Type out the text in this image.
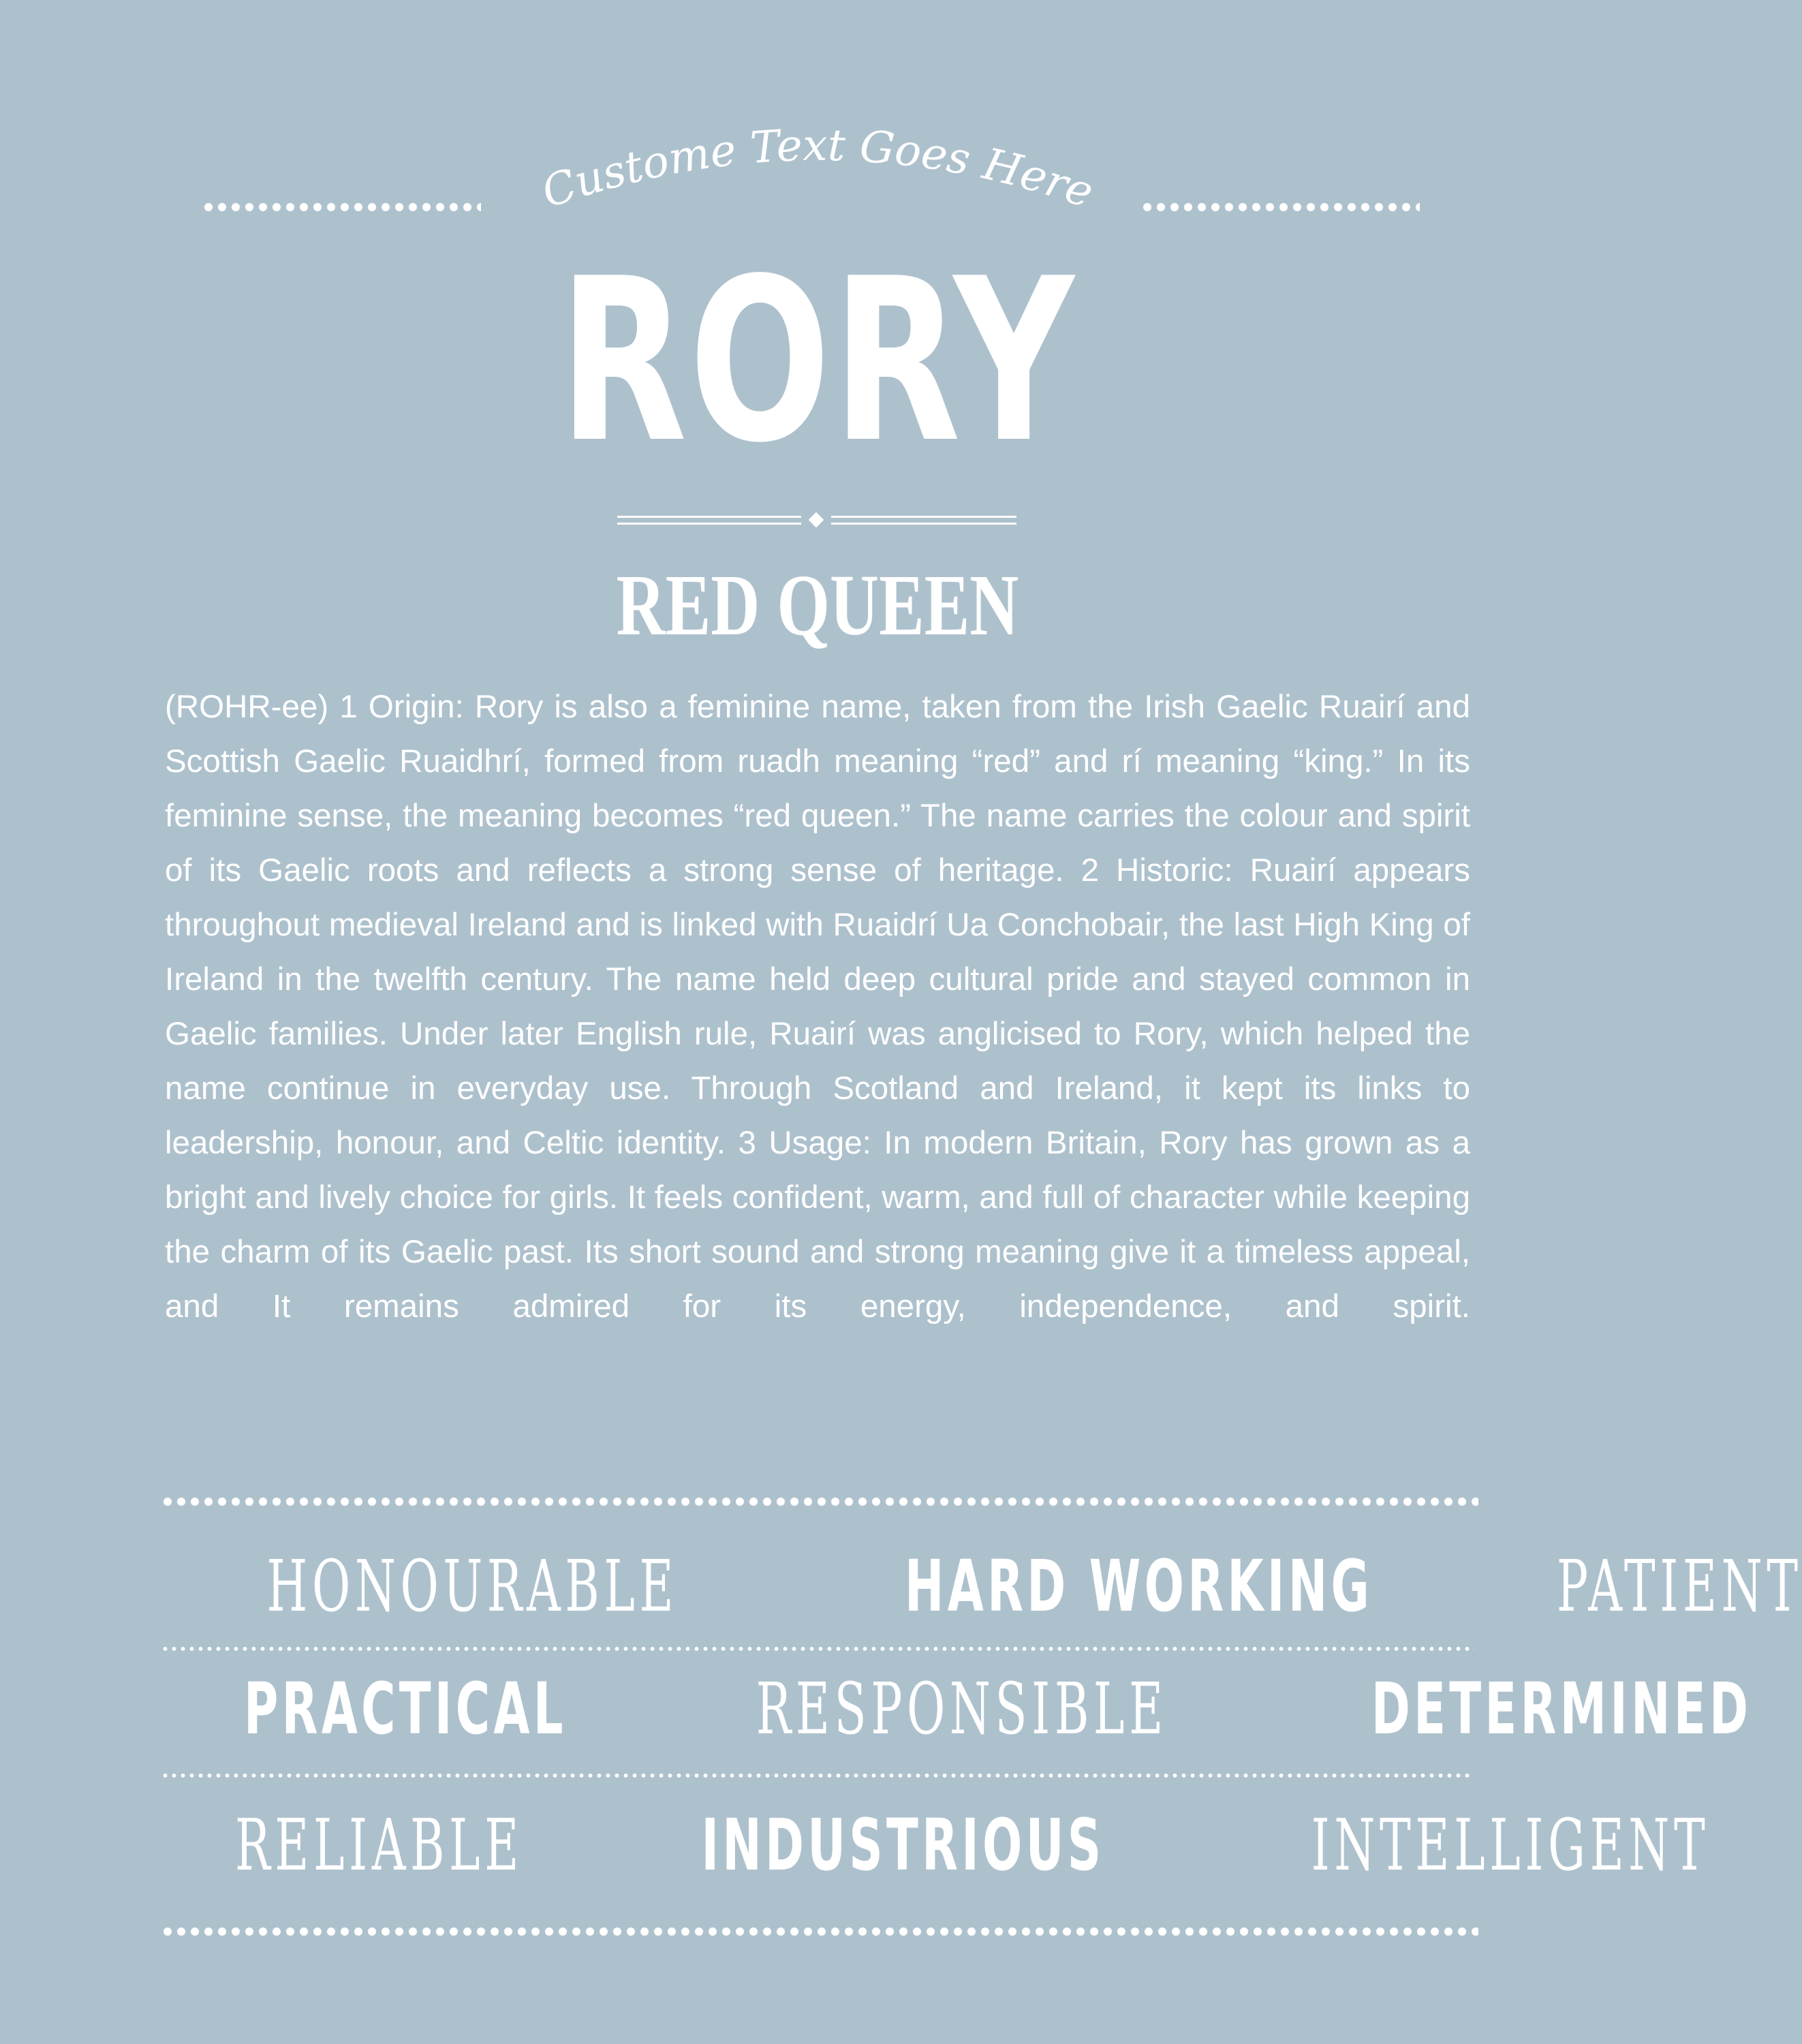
Custome Text Goes Here
RORY
RED QUEEN

(ROHR-ee) 1 Origin: Rory is also a feminine name, taken from the Irish Gaelic Ruairí and Scottish Gaelic Ruaidhrí, formed from ruadh meaning “red” and rí meaning “king.” In its feminine sense, the meaning becomes “red queen.” The name carries the colour and spirit of its Gaelic roots and reflects a strong sense of heritage. 2 Historic: Ruairí appears throughout medieval Ireland and is linked with Ruaidrí Ua Conchobair, the last High King of Ireland in the twelfth century. The name held deep cultural pride and stayed common in Gaelic families. Under later English rule, Ruairí was anglicised to Rory, which helped the name continue in everyday use. Through Scotland and Ireland, it kept its links to leadership, honour, and Celtic identity. 3 Usage: In modern Britain, Rory has grown as a bright and lively choice for girls. It feels confident, warm, and full of character while keeping the charm of its Gaelic past. Its short sound and strong meaning give it a timeless appeal, and It remains admired for its energy, independence, and spirit.

HONOURABLE	HARD WORKING	PATIENT
PRACTICAL	RESPONSIBLE	DETERMINED
RELIABLE	INDUSTRIOUS	INTELLIGENT
